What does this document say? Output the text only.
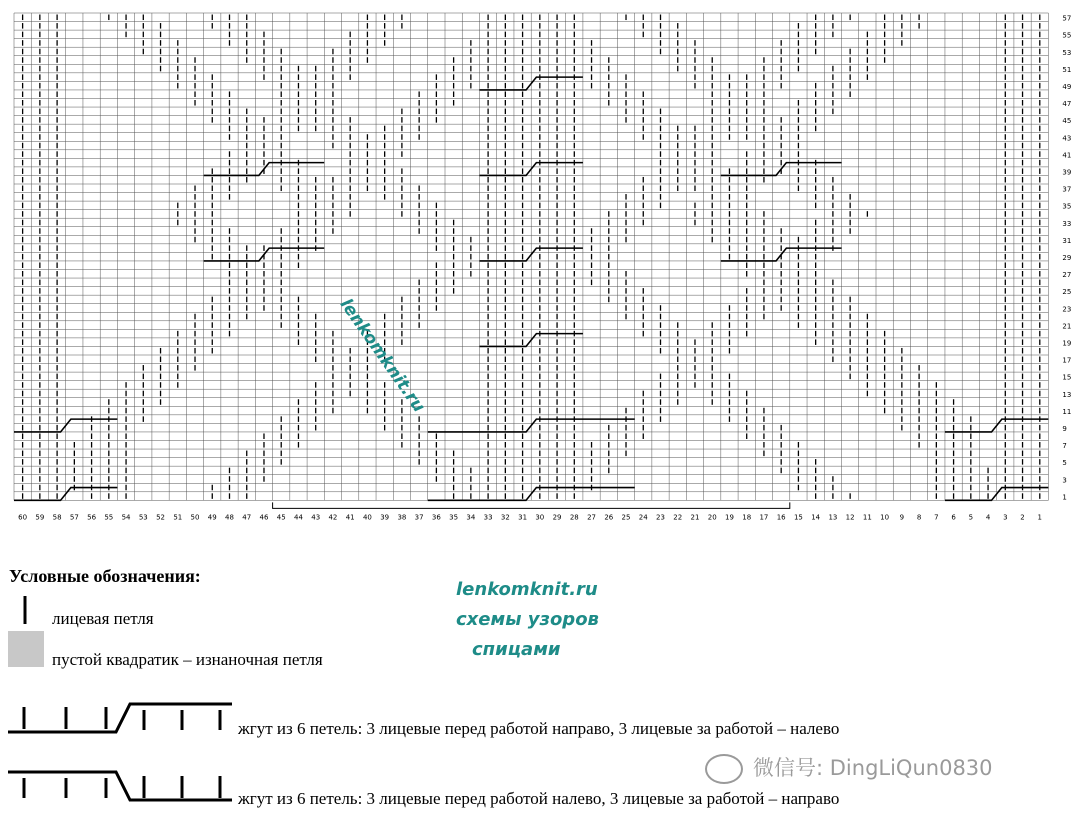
57
55
53
51
49
47
45
43
41
39
37
35
33
31
29
27
25
23
21
19
17
15
13
11
9
7
5
3
1
60 59 58 57 56 55 54 53 52 51 50 49 48 47 46 45 44 43 42 41 40 39 38 37 36 35 34 33 32 31 30 29 28 27 26 25 24 23 22 21 20 19 18 17 16 15 14 13 12 11 10 9 8 7 6 5 4 3 2 1
lenkomknit.ru
Условные обозначения:
лицевая петля
пустой квадратик – изнаночная петля
жгут из 6 петель: 3 лицевые перед работой направо, 3 лицевые за работой – налево
жгут из 6 петель: 3 лицевые перед работой налево, 3 лицевые за работой – направо
lenkomknit.ru
схемы узоров
спицами
微信号: DingLiQun0830
